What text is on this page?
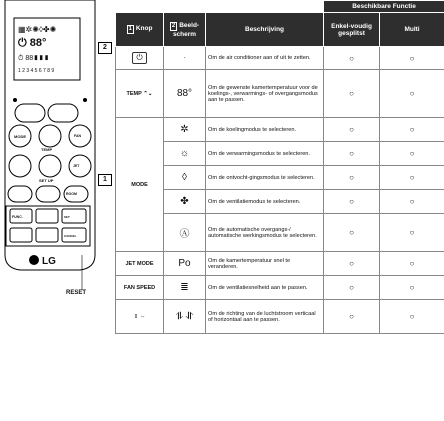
▦✲✺◊✤✺
⏻ 88°
⏱ 88▮▮▮
1 2 3 4 5 6 7 8 9
MODE	FAN
TEMP
JET
SET UP
ROOM
FUNC.	SET
CANCEL
LG
2
1
RESET
			Beschikbare Functie	
1 Knop	2 Beeld-scherm	Beschrijving	Enkel-voudig gesplitst	Multi
⏻	-	Om de air conditioner aan of uit te zetten.	○	○
TEMP ⌃⌄	88°	Om de gewenste kamertemperatuur voor de koelings-, verwarmings- of overgangsmodus aan te passen.	○	○
MODE	✲	Om de koelingmodus te selecteren.	○	○
	☼	Om de verwarmingsmodus te selecteren.	○	○
	◊	Om de ontvocht-gingsmodus te selecteren.	○	○
	✤	Om de ventilatiemodus te selecteren.	○	○
	Ⓐ	Om de automatische overgangs-/ automatische werkingsmodus te selecteren.	○	○
JET MODE	Po	Om de kamertemperatuur snel te veranderen.	○	○
FAN SPEED	≣	Om de ventilatiesnelheid aan te passen.	○	○
⇕ ⇔	⥮ ⥯	Om de richting van de luchtstroom verticaal of horizontaal aan te passen.	○	○
